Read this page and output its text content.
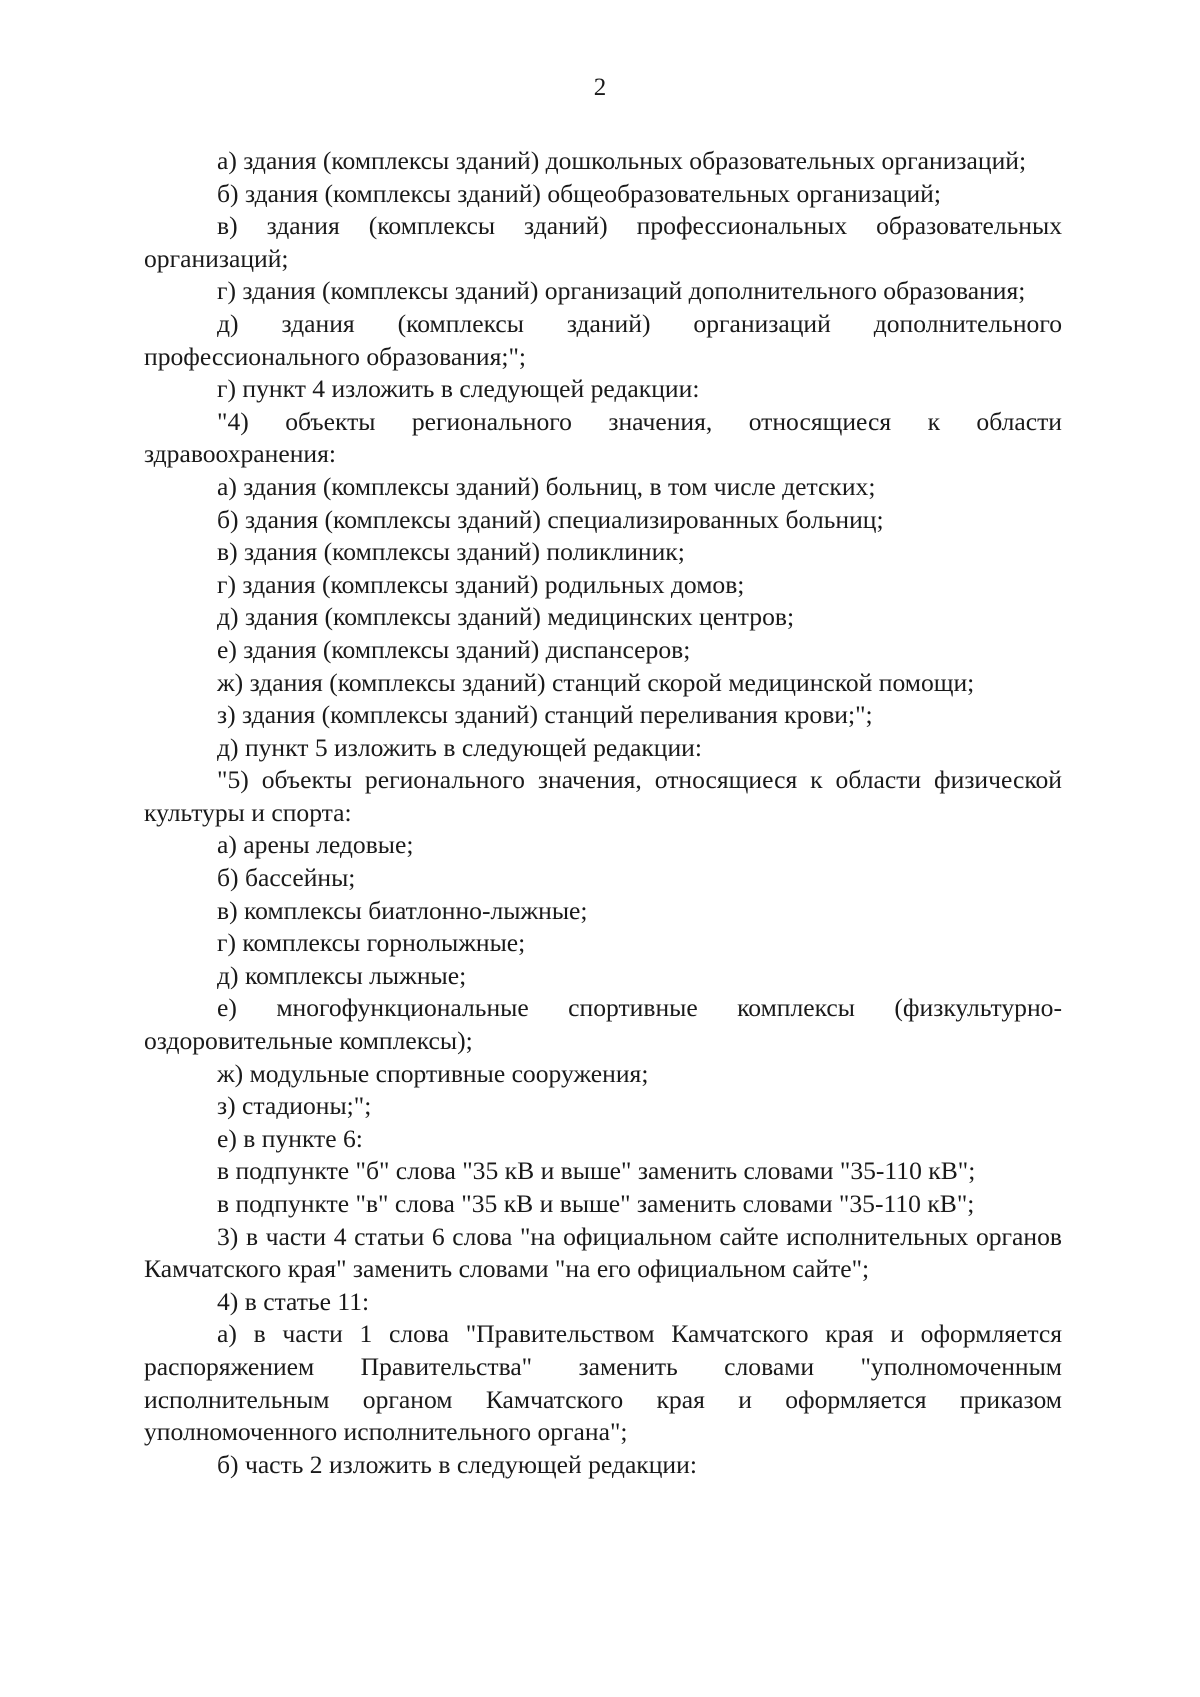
2

а) здания (комплексы зданий) дошкольных образовательных организаций;

б) здания (комплексы зданий) общеобразовательных организаций;

в) здания (комплексы зданий) профессиональных образовательных организаций;

г) здания (комплексы зданий) организаций дополнительного образования;

д) здания (комплексы зданий) организаций дополнительного профессионального образования;";

г) пункт 4 изложить в следующей редакции:

"4) объекты регионального значения, относящиеся к области здравоохранения:

а) здания (комплексы зданий) больниц, в том числе детских;

б) здания (комплексы зданий) специализированных больниц;

в) здания (комплексы зданий) поликлиник;

г) здания (комплексы зданий) родильных домов;

д) здания (комплексы зданий) медицинских центров;

е) здания (комплексы зданий) диспансеров;

ж) здания (комплексы зданий) станций скорой медицинской помощи;

з) здания (комплексы зданий) станций переливания крови;";

д) пункт 5 изложить в следующей редакции:

"5) объекты регионального значения, относящиеся к области физической культуры и спорта:

а) арены ледовые;

б) бассейны;

в) комплексы биатлонно-лыжные;

г) комплексы горнолыжные;

д) комплексы лыжные;

е) многофункциональные спортивные комплексы (физкультурно-оздоровительные комплексы);

ж) модульные спортивные сооружения;

з) стадионы;";

е) в пункте 6:

в подпункте "б" слова "35 кВ и выше" заменить словами "35-110 кВ";

в подпункте "в" слова "35 кВ и выше" заменить словами "35-110 кВ";

3) в части 4 статьи 6 слова "на официальном сайте исполнительных органов Камчатского края" заменить словами "на его официальном сайте";

4) в статье 11:

а) в части 1 слова "Правительством Камчатского края и оформляется распоряжением Правительства" заменить словами "уполномоченным исполнительным органом Камчатского края и оформляется приказом уполномоченного исполнительного органа";

б) часть 2 изложить в следующей редакции:
